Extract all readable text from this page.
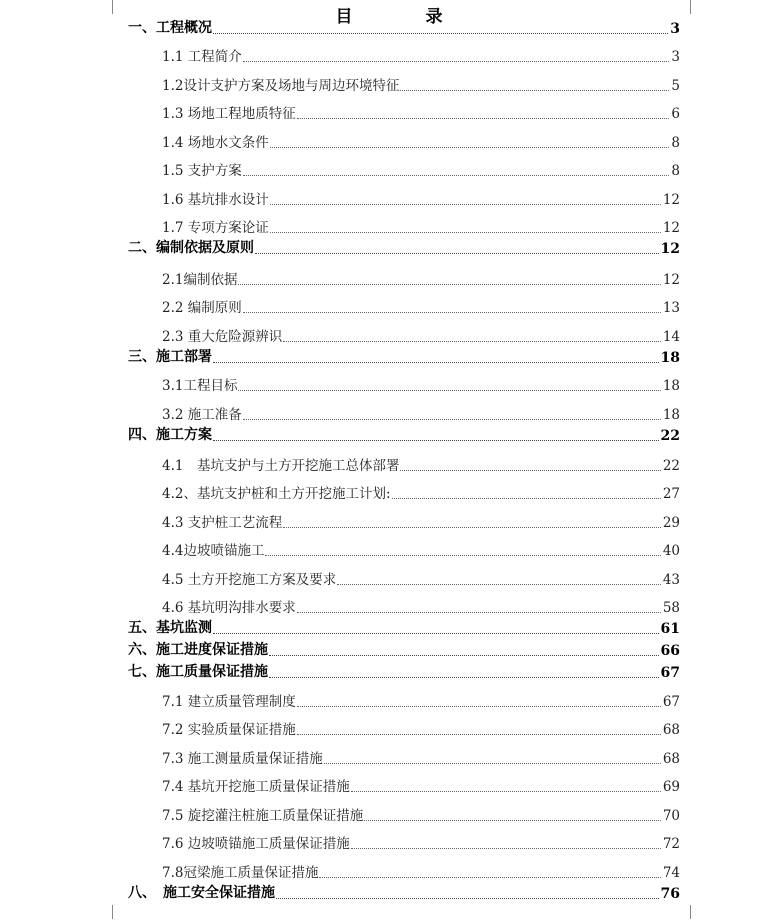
目　录
一、工程概况	3
1.1 工程简介	3
1.2设计支护方案及场地与周边环境特征	5
1.3 场地工程地质特征	6
1.4 场地水文条件	8
1.5 支护方案	8
1.6 基坑排水设计	12
1.7 专项方案论证	12
二、编制依据及原则	12
2.1编制依据	12
2.2 编制原则	13
2.3 重大危险源辨识	14
三、施工部署	18
3.1工程目标	18
3.2 施工准备	18
四、施工方案	22
4.1　基坑支护与土方开挖施工总体部署	22
4.2、基坑支护桩和土方开挖施工计划:	27
4.3 支护桩工艺流程	29
4.4边坡喷锚施工	40
4.5 土方开挖施工方案及要求	43
4.6 基坑明沟排水要求	58
五、基坑监测	61
六、施工进度保证措施	66
七、施工质量保证措施	67
7.1 建立质量管理制度	67
7.2 实验质量保证措施	68
7.3 施工测量质量保证措施	68
7.4 基坑开挖施工质量保证措施	69
7.5 旋挖灌注桩施工质量保证措施	70
7.6 边坡喷锚施工质量保证措施	72
7.8冠梁施工质量保证措施	74
八、　施工安全保证措施	76
